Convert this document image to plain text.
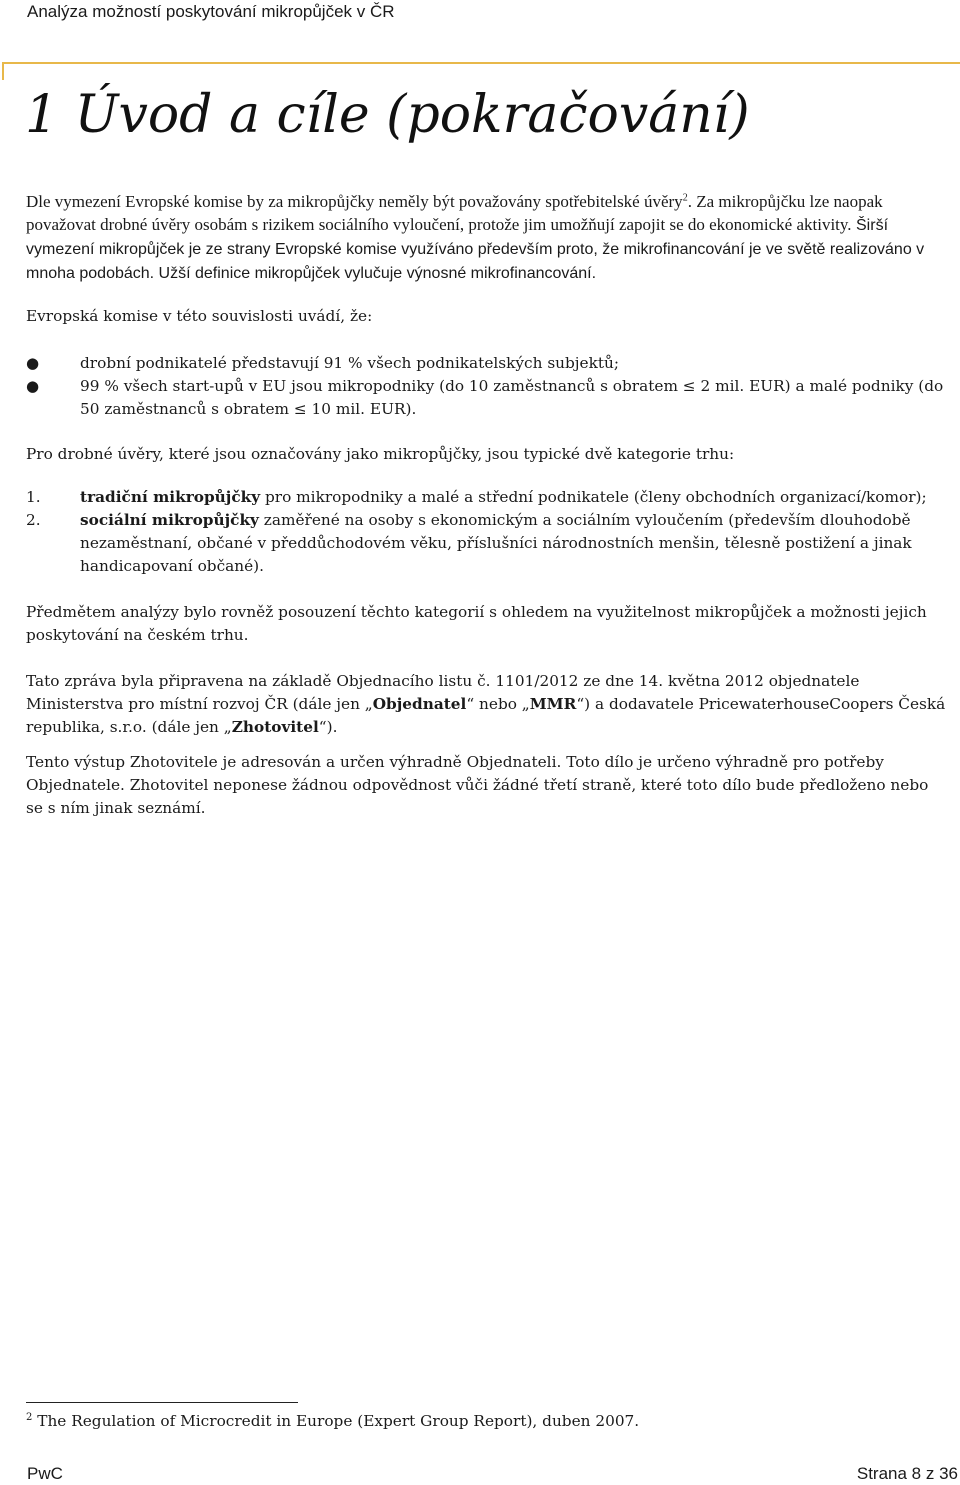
Analýza možností poskytování mikropůjček v ČR
1 Úvod a cíle (pokračování)

Dle vymezení Evropské komise by za mikropůjčky neměly být považovány spotřebitelské úvěry$^2$. Za mikropůjčku lze naopak považovat drobné úvěry osobám s rizikem sociálního vyloučení, protože jim umožňují zapojit se do ekonomické aktivity. Širší vymezení mikropůjček je ze strany Evropské komise využíváno především proto, že mikrofinancování je ve světě realizováno v mnoha podobách. Užší definice mikropůjček vylučuje výnosné mikrofinancování.

Evropská komise v této souvislosti uvádí, že:

●	drobní podnikatelé představují 91 % všech podnikatelských subjektů;
●	99 % všech start-upů v EU jsou mikropodniky (do 10 zaměstnanců s obratem ≤ 2 mil. EUR) a malé podniky (do 50 zaměstnanců s obratem ≤ 10 mil. EUR).

Pro drobné úvěry, které jsou označovány jako mikropůjčky, jsou typické dvě kategorie trhu:

1.	tradiční mikropůjčky pro mikropodniky a malé a střední podnikatele (členy obchodních organizací/komor);
2.	sociální mikropůjčky zaměřené na osoby s ekonomickým a sociálním vyloučením (především dlouhodobě nezaměstnaní, občané v předdůchodovém věku, příslušníci národnostních menšin, tělesně postižení a jinak handicapovaní občané).

Předmětem analýzy bylo rovněž posouzení těchto kategorií s ohledem na využitelnost mikropůjček a možnosti jejich poskytování na českém trhu.

Tato zpráva byla připravena na základě Objednacího listu č. 1101/2012 ze dne 14. května 2012 objednatele Ministerstva pro místní rozvoj ČR (dále jen „Objednatel“ nebo „MMR“) a dodavatele PricewaterhouseCoopers Česká republika, s.r.o. (dále jen „Zhotovitel“).

Tento výstup Zhotovitele je adresován a určen výhradně Objednateli. Toto dílo je určeno výhradně pro potřeby Objednatele. Zhotovitel neponese žádnou odpovědnost vůči žádné třetí straně, které toto dílo bude předloženo nebo se s ním jinak seznámí.

$^2$ The Regulation of Microcredit in Europe (Expert Group Report), duben 2007.
PwC	Strana 8 z 36
